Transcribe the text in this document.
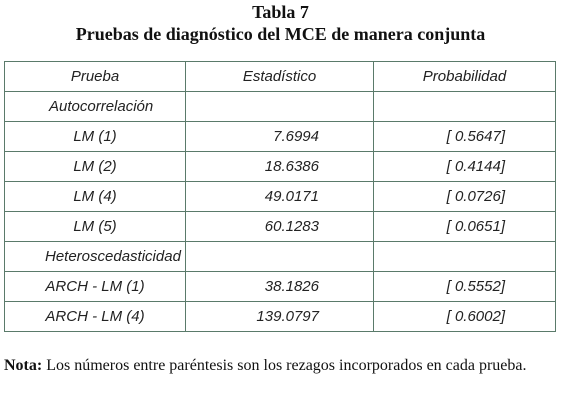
Tabla 7
Pruebas de diagnóstico del MCE de manera conjunta
Prueba	Estadístico	Probabilidad
Autocorrelación		
LM (1)	7.6994	[ 0.5647]
LM (2)	18.6386	[ 0.4144]
LM (4)	49.0171	[ 0.0726]
LM (5)	60.1283	[ 0.0651]
Heteroscedasticidad		
ARCH - LM (1)	38.1826	[ 0.5552]
ARCH - LM (4)	139.0797	[ 0.6002]
Nota: Los números entre paréntesis son los rezagos incorporados en cada prueba.
